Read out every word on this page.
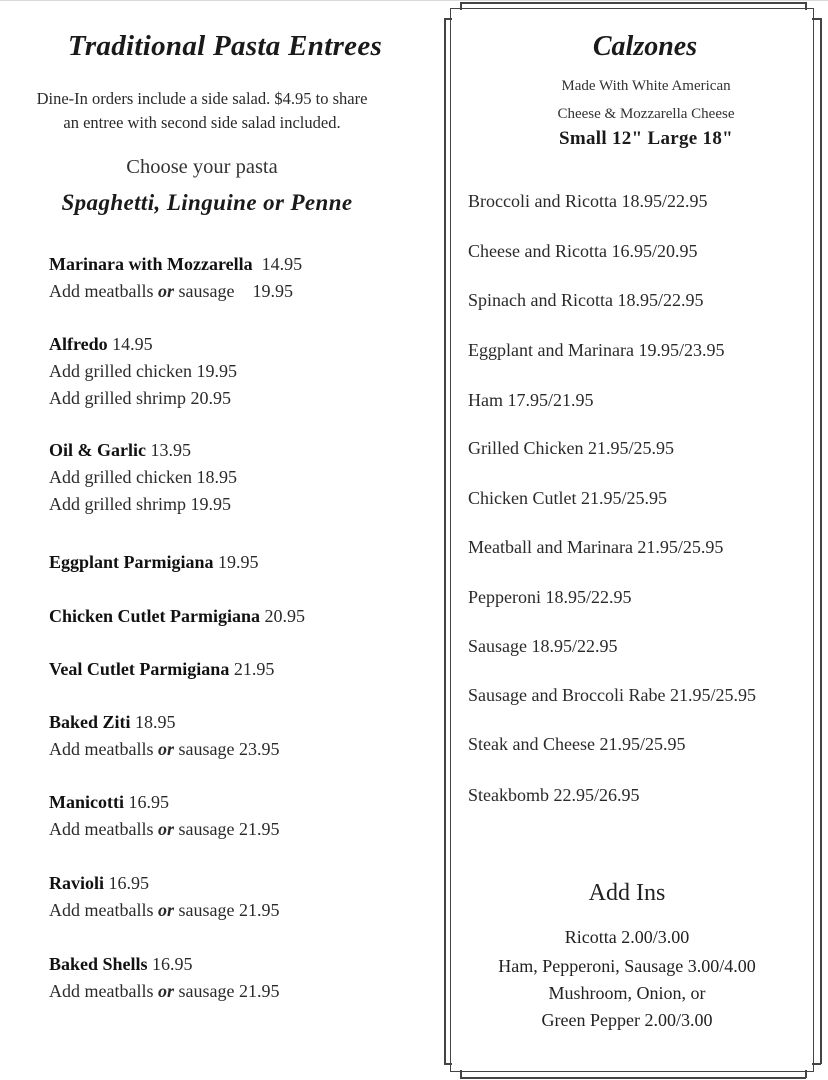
Traditional Pasta Entrees
Dine-In orders include a side salad. $4.95 to share
an entree with second side salad included.
Choose your pasta
Spaghetti, Linguine or Penne
Marinara with Mozzarella 14.95
Add meatballs or sausage 19.95
Alfredo 14.95
Add grilled chicken 19.95
Add grilled shrimp 20.95
Oil & Garlic 13.95
Add grilled chicken 18.95
Add grilled shrimp 19.95
Eggplant Parmigiana 19.95
Chicken Cutlet Parmigiana 20.95
Veal Cutlet Parmigiana 21.95
Baked Ziti 18.95
Add meatballs or sausage 23.95
Manicotti 16.95
Add meatballs or sausage 21.95
Ravioli 16.95
Add meatballs or sausage 21.95
Baked Shells 16.95
Add meatballs or sausage 21.95
Calzones
Made With White American
Cheese & Mozzarella Cheese
Small 12" Large 18"
Broccoli and Ricotta 18.95/22.95
Cheese and Ricotta 16.95/20.95
Spinach and Ricotta 18.95/22.95
Eggplant and Marinara 19.95/23.95
Ham 17.95/21.95
Grilled Chicken 21.95/25.95
Chicken Cutlet 21.95/25.95
Meatball and Marinara 21.95/25.95
Pepperoni 18.95/22.95
Sausage 18.95/22.95
Sausage and Broccoli Rabe 21.95/25.95
Steak and Cheese 21.95/25.95
Steakbomb 22.95/26.95
Add Ins
Ricotta 2.00/3.00
Ham, Pepperoni, Sausage 3.00/4.00
Mushroom, Onion, or
Green Pepper 2.00/3.00
